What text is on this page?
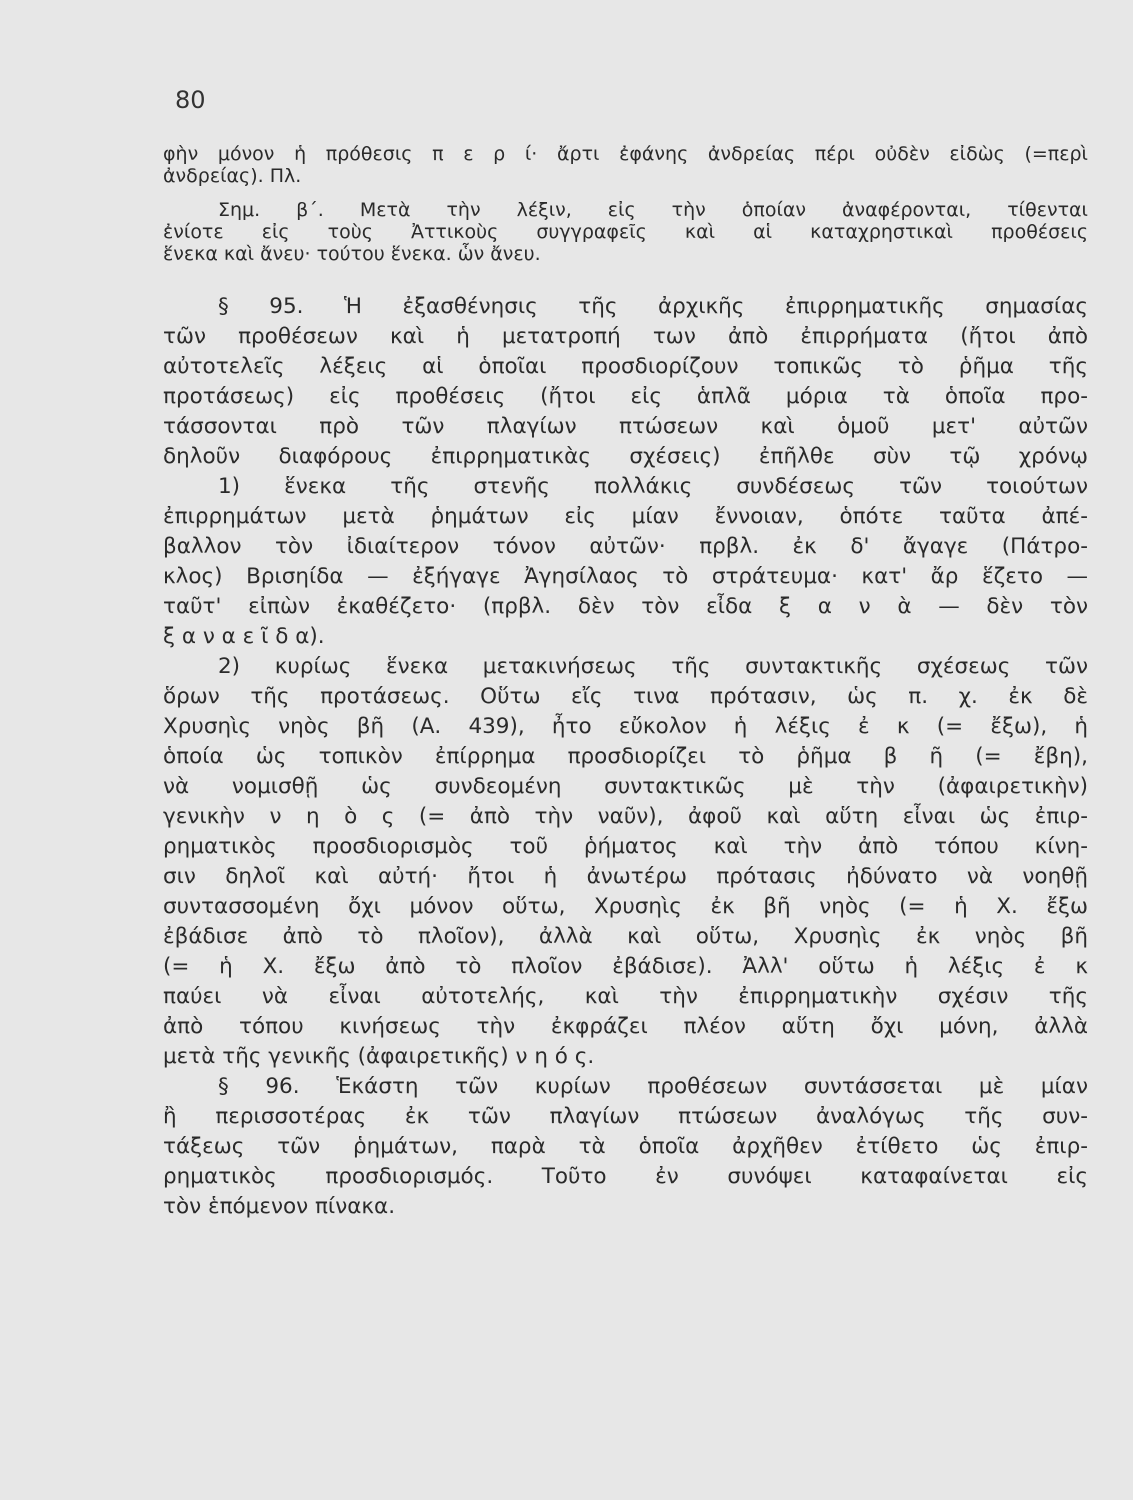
80
φὴν μόνον ἡ πρόθεσις π ε ρ ί· ἄρτι ἐφάνης ἀνδρείας πέρι οὐδὲν εἰδὼς (=περὶ
ἀνδρείας). Πλ.
Σημ. β΄. Μετὰ τὴν λέξιν, εἰς τὴν ὁποίαν ἀναφέρονται, τίθενται
ἐνίοτε εἰς τοὺς Ἀττικοὺς συγγραφεῖς καὶ αἱ καταχρηστικαὶ προθέσεις
ἕνεκα καὶ ἄνευ· τούτου ἕνεκα. ὧν ἄνευ.
§ 95. Ἡ ἐξασθένησις τῆς ἀρχικῆς ἐπιρρηματικῆς σημασίας
τῶν προθέσεων καὶ ἡ μετατροπή των ἀπὸ ἐπιρρήματα (ἤτοι ἀπὸ
αὐτοτελεῖς λέξεις αἱ ὁποῖαι προσδιορίζουν τοπικῶς τὸ ῥῆμα τῆς
προτάσεως) εἰς προθέσεις (ἤτοι εἰς ἁπλᾶ μόρια τὰ ὁποῖα προ-
τάσσονται πρὸ τῶν πλαγίων πτώσεων καὶ ὁμοῦ μετ' αὐτῶν
δηλοῦν διαφόρους ἐπιρρηματικὰς σχέσεις) ἐπῆλθε σὺν τῷ χρόνῳ
1) ἕνεκα τῆς στενῆς πολλάκις συνδέσεως τῶν τοιούτων
ἐπιρρημάτων μετὰ ῥημάτων εἰς μίαν ἔννοιαν, ὁπότε ταῦτα ἀπέ-
βαλλον τὸν ἰδιαίτερον τόνον αὐτῶν· πρβλ. ἐκ δ' ἄγαγε (Πάτρο-
κλος) Βρισηίδα — ἐξήγαγε Ἀγησίλαος τὸ στράτευμα· κατ' ἄρ ἕζετο —
ταῦτ' εἰπὼν ἐκαθέζετο· (πρβλ. δὲν τὸν εἶδα ξ α ν ὰ — δὲν τὸν
ξ α ν α ε ῖ δ α).
2) κυρίως ἕνεκα μετακινήσεως τῆς συντακτικῆς σχέσεως τῶν
ὅρων τῆς προτάσεως. Οὕτω εἴς τινα πρότασιν, ὡς π. χ. ἐκ δὲ
Χρυσηὶς νηὸς βῆ (Α. 439), ἦτο εὔκολον ἡ λέξις ἐ κ (= ἔξω), ἡ
ὁποία ὡς τοπικὸν ἐπίρρημα προσδιορίζει τὸ ῥῆμα β ῆ (= ἔβη),
νὰ νομισθῇ ὡς συνδεομένη συντακτικῶς μὲ τὴν (ἀφαιρετικὴν)
γενικὴν ν η ὸ ς (= ἀπὸ τὴν ναῦν), ἀφοῦ καὶ αὕτη εἶναι ὡς ἐπιρ-
ρηματικὸς προσδιορισμὸς τοῦ ῥήματος καὶ τὴν ἀπὸ τόπου κίνη-
σιν δηλοῖ καὶ αὐτή· ἤτοι ἡ ἀνωτέρω πρότασις ἠδύνατο νὰ νοηθῇ
συντασσομένη ὄχι μόνον οὕτω, Χρυσηὶς ἐκ βῆ νηὸς (= ἡ Χ. ἔξω
ἐβάδισε ἀπὸ τὸ πλοῖον), ἀλλὰ καὶ οὕτω, Χρυσηὶς ἐκ νηὸς βῆ
(= ἡ Χ. ἔξω ἀπὸ τὸ πλοῖον ἐβάδισε). Ἀλλ' οὕτω ἡ λέξις ἐ κ
παύει νὰ εἶναι αὐτοτελής, καὶ τὴν ἐπιρρηματικὴν σχέσιν τῆς
ἀπὸ τόπου κινήσεως τὴν ἐκφράζει πλέον αὕτη ὄχι μόνη, ἀλλὰ
μετὰ τῆς γενικῆς (ἀφαιρετικῆς) ν η ό ς.
§ 96. Ἑκάστη τῶν κυρίων προθέσεων συντάσσεται μὲ μίαν
ἢ περισσοτέρας ἐκ τῶν πλαγίων πτώσεων ἀναλόγως τῆς συν-
τάξεως τῶν ῥημάτων, παρὰ τὰ ὁποῖα ἀρχῆθεν ἐτίθετο ὡς ἐπιρ-
ρηματικὸς προσδιορισμός. Τοῦτο ἐν συνόψει καταφαίνεται εἰς
τὸν ἑπόμενον πίνακα.
